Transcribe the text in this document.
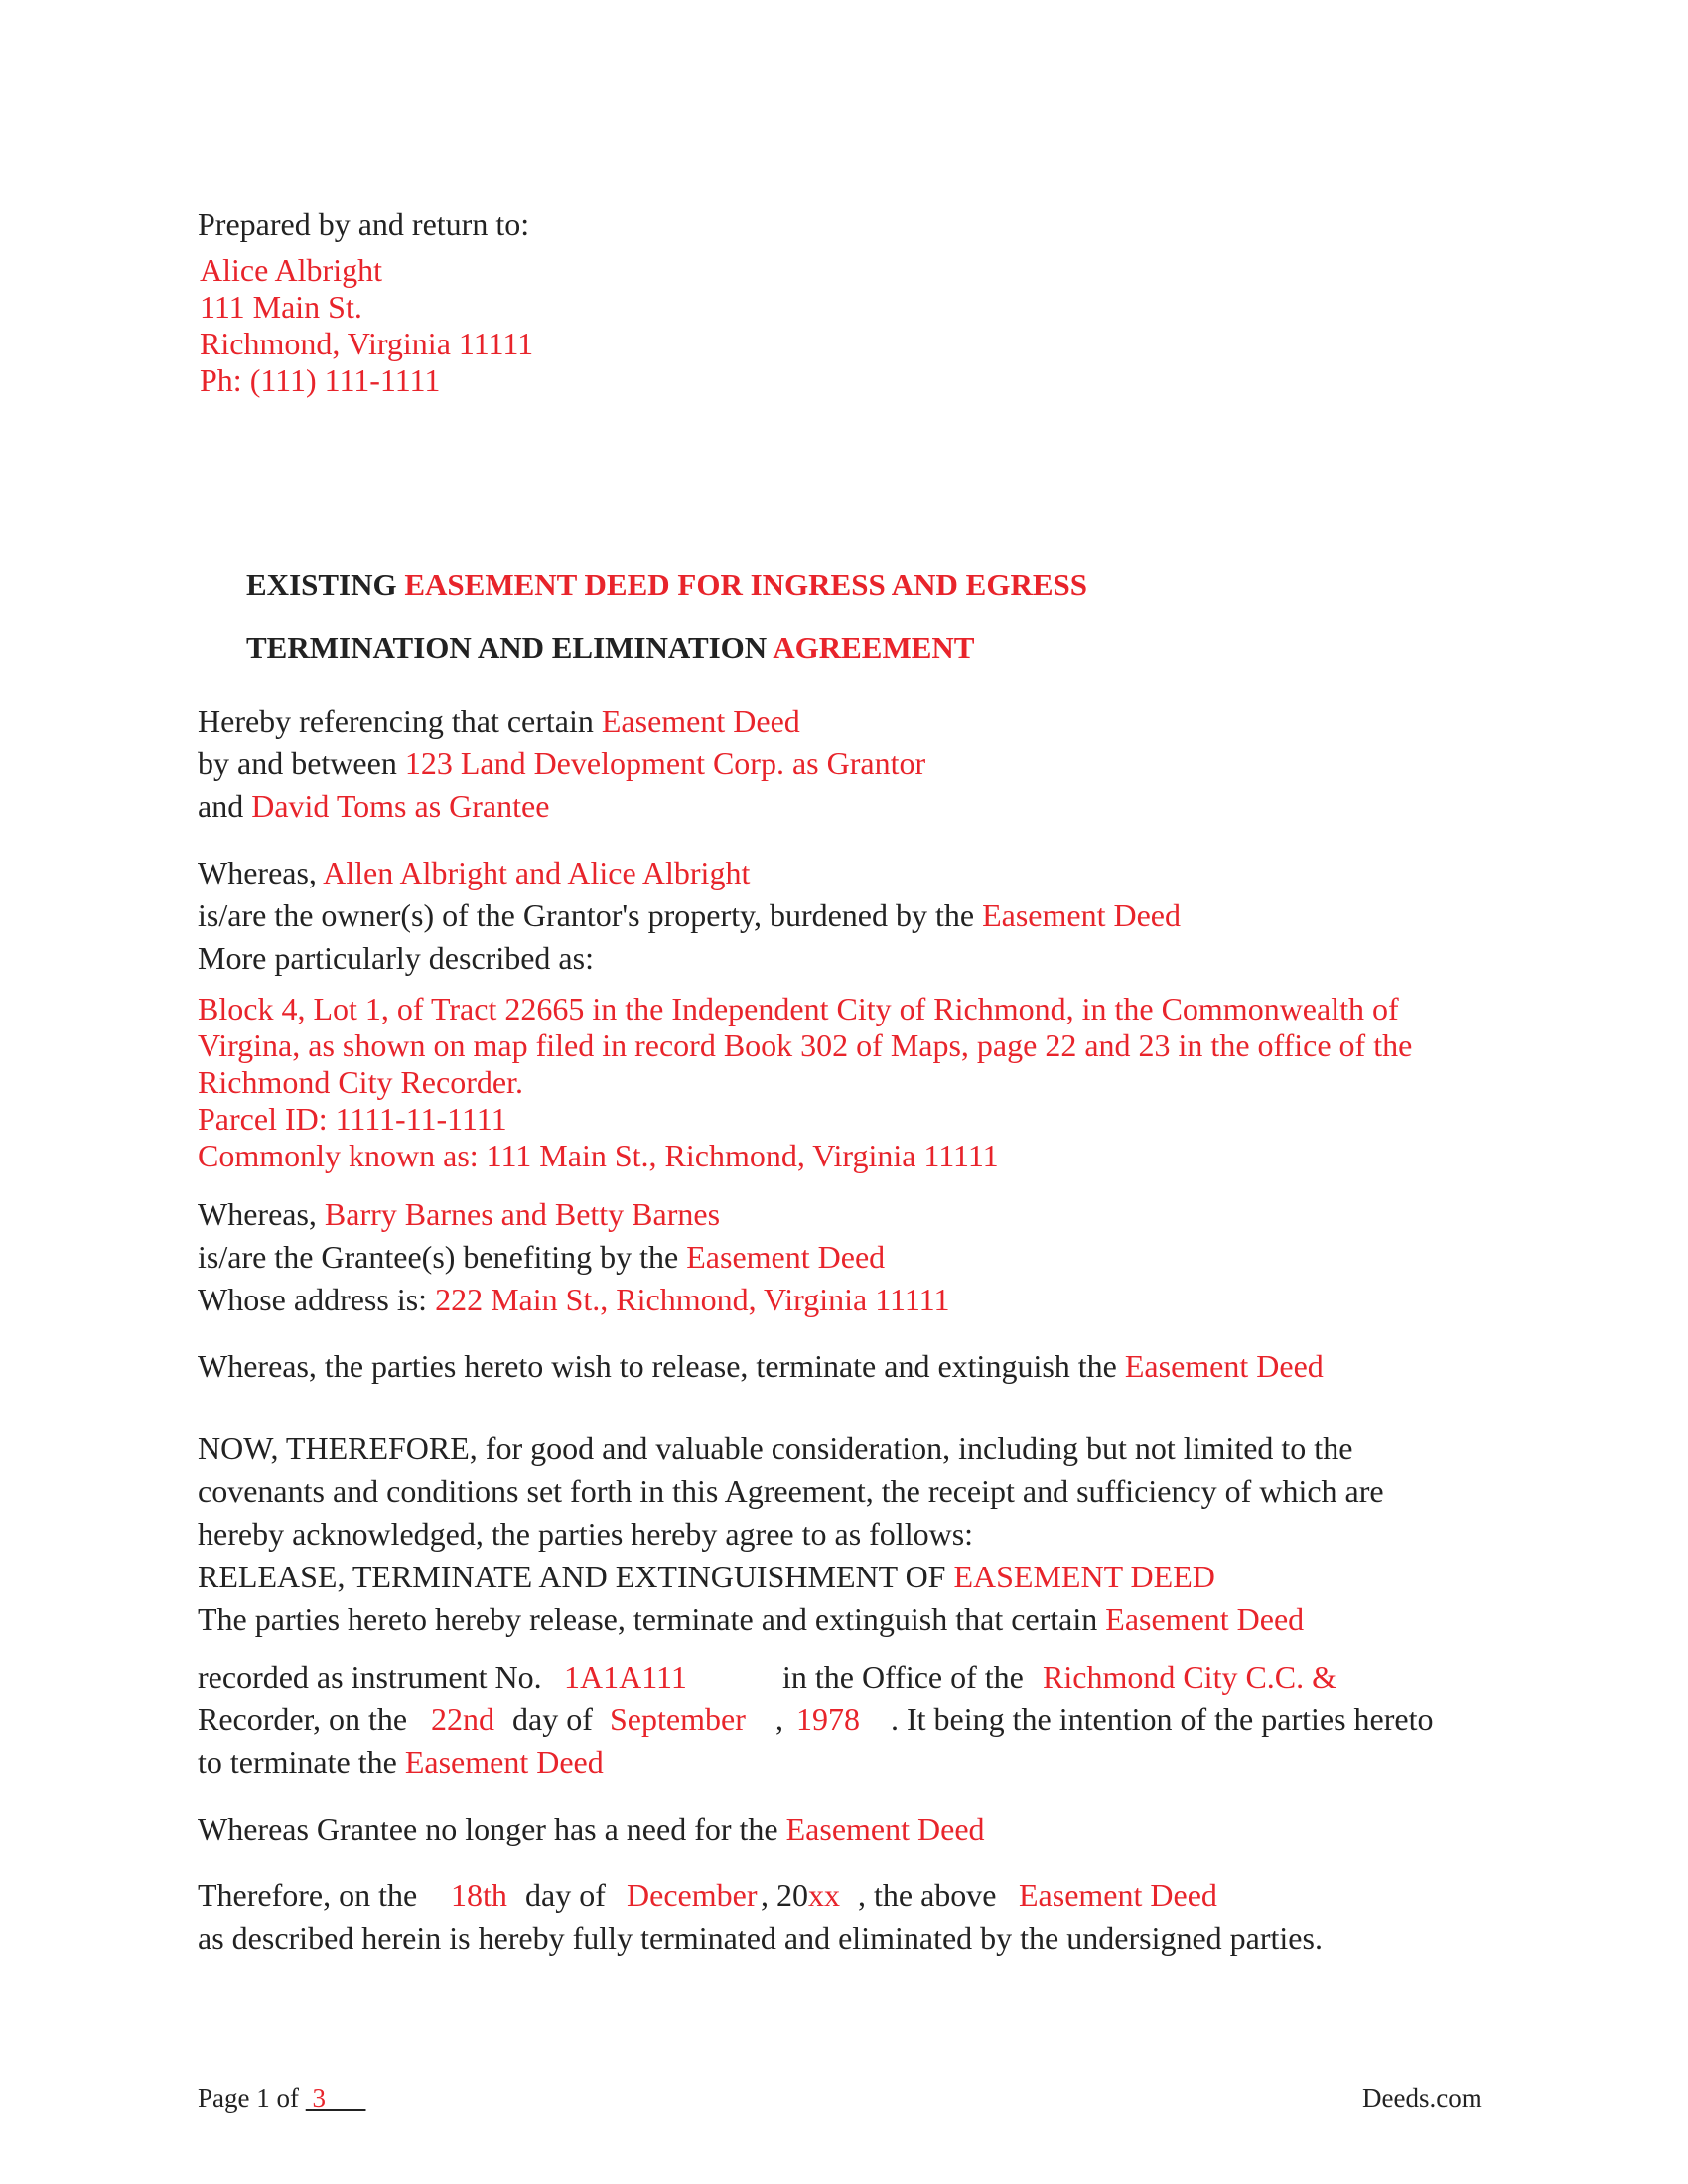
Prepared by and return to:
Alice Albright
111 Main St.
Richmond, Virginia 11111
Ph: (111) 111-1111
EXISTING EASEMENT DEED FOR INGRESS AND EGRESS
TERMINATION AND ELIMINATION AGREEMENT
Hereby referencing that certain Easement Deed
by and between 123 Land Development Corp. as Grantor
and David Toms as Grantee
Whereas, Allen Albright and Alice Albright
is/are the owner(s) of the Grantor's property, burdened by the Easement Deed
More particularly described as:
Block 4, Lot 1, of Tract 22665 in the Independent City of Richmond, in the Commonwealth of
Virgina, as shown on map filed in record Book 302 of Maps, page 22 and 23 in the office of the
Richmond City Recorder.
Parcel ID: 1111-11-1111
Commonly known as: 111 Main St., Richmond, Virginia 11111
Whereas, Barry Barnes and Betty Barnes
is/are the Grantee(s) benefiting by the Easement Deed
Whose address is: 222 Main St., Richmond, Virginia 11111
Whereas, the parties hereto wish to release, terminate and extinguish the Easement Deed
NOW, THEREFORE, for good and valuable consideration, including but not limited to the
covenants and conditions set forth in this Agreement, the receipt and sufficiency of which are
hereby acknowledged, the parties hereby agree to as follows:
RELEASE, TERMINATE AND EXTINGUISHMENT OF EASEMENT DEED
The parties hereto hereby release, terminate and extinguish that certain Easement Deed
recorded as instrument No. 1A1A111	in the Office of the Richmond City C.C. &
Recorder, on the 22nd day of September , 1978 . It being the intention of the parties hereto
to terminate the Easement Deed
Whereas Grantee no longer has a need for the Easement Deed
Therefore, on the 18th day of December , 20xx , the above Easement Deed
as described herein is hereby fully terminated and eliminated by the undersigned parties.
Page 1 of 3	Deeds.com
